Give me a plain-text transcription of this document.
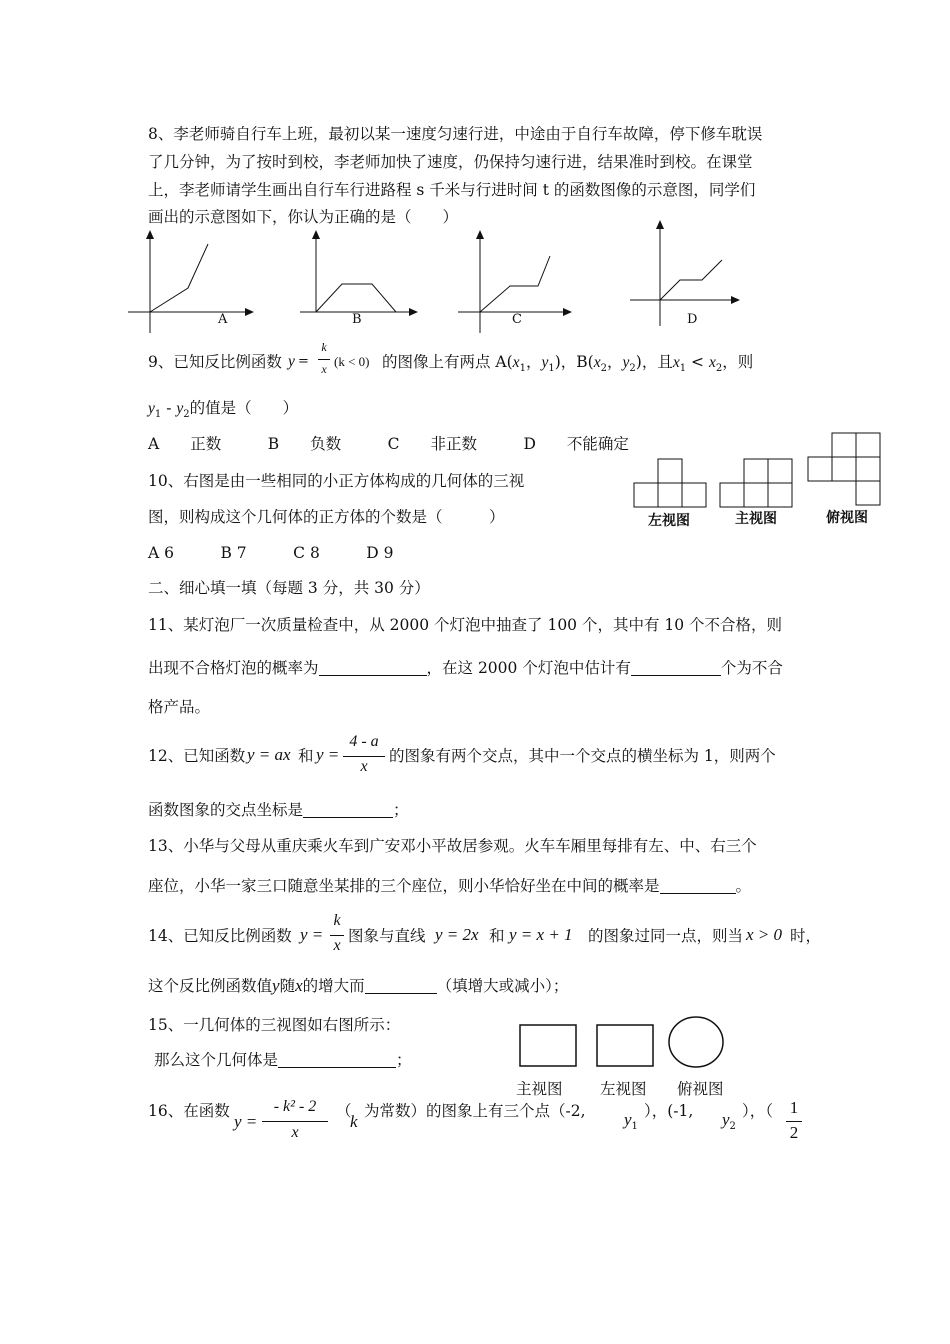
8、李老师骑自行车上班，最初以某一速度匀速行进，中途由于自行车故障，停下修车耽误
了几分钟，为了按时到校，李老师加快了速度，仍保持匀速行进，结果准时到校。在课堂
上，李老师请学生画出自行车行进路程 s 千米与行进时间 t 的函数图像的示意图，同学们
画出的示意图如下，你认为正确的是（　　）
A	B	C	D
9、已知反比例函数 y =
k
x (k < 0) 的图像上有两点 $A(x_1$，$y_1$)，$B(x_2$，$y_2$)，且$x_1 < x_2$，则
$y_1 - y_2$的值是（　　）
A　　正数　　　B　　负数　　　C　　非正数　　　D　　不能确定
10、右图是由一些相同的小正方体构成的几何体的三视
图，则构成这个几何体的正方体的个数是（　　　）
A 6　　　B 7　　　C 8　　　D 9
左视图	主视图	俯视图
二、细心填一填（每题 3 分，共 30 分）
11、某灯泡厂一次质量检查中，从 2000 个灯泡中抽查了 100 个，其中有 10 个不合格，则
出现不合格灯泡的概率为	，在这 2000 个灯泡中估计有	个为不合
格产品。
12、已知函数 y = ax 和 y =
4 - a
x
的图象有两个交点，其中一个交点的横坐标为 1，则两个
函数图象的交点坐标是	；
13、小华与父母从重庆乘火车到广安邓小平故居参观。火车车厢里每排有左、中、右三个
座位，小华一家三口随意坐某排的三个座位，则小华恰好坐在中间的概率是	。
14、已知反比例函数 y =
k
x
图象与直线 y = 2x 和 y = x + 1 的图象过同一点，则当 x > 0 时，
这个反比例函数值y随x的增大而	（填增大或减小）；
15、一几何体的三视图如右图所示：
那么这个几何体是	；
主视图 左视图 俯视图
16、在函数
y =
- k² - 2
x
（
k
为常数）的图象上有三个点（-2, $y_1$
），(-1, $y_2$
），（ 1
2
